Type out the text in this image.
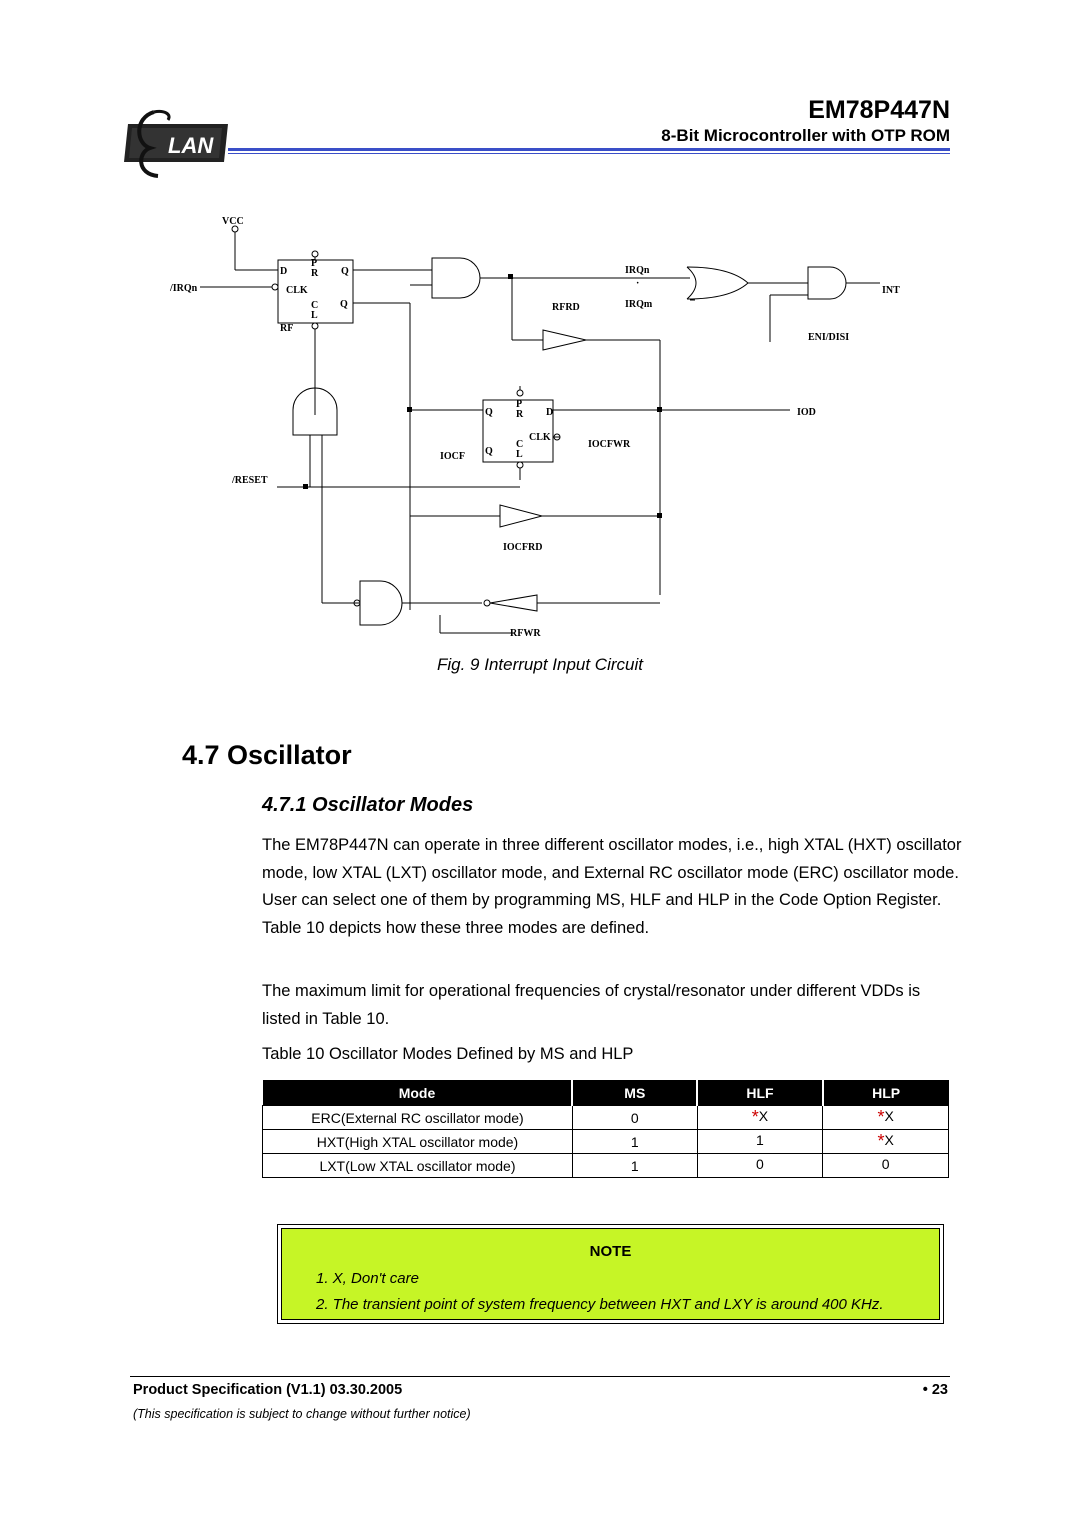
LAN
EM78P447N
8-Bit Microcontroller with OTP ROM
VCC
/IRQn
D
P
R Q
CLK
C
L
Q
RF
IRQn
·
IRQm
RFRD
INT
ENI/DISI
IOD
Q
P
R D
CLK
C
L
Q
IOCF
IOCFWR
/RESET
IOCFRD
RFWR
Fig. 9 Interrupt Input Circuit
4.7 Oscillator
4.7.1 Oscillator Modes
The EM78P447N can operate in three different oscillator modes, i.e., high XTAL (HXT) oscillator mode, low XTAL (LXT) oscillator mode, and External RC oscillator mode (ERC) oscillator mode. User can select one of them by programming MS, HLF and HLP in the Code Option Register. Table 10 depicts how these three modes are defined.
The maximum limit for operational frequencies of crystal/resonator under different VDDs is listed in Table 10.
Table 10 Oscillator Modes Defined by MS and HLP
Mode	MS	HLF	HLP
ERC(External RC oscillator mode)	0	*X	*X
HXT(High XTAL oscillator mode)	1	1	*X
LXT(Low XTAL oscillator mode)	1	0	0
NOTE
1. X, Don't care
2. The transient point of system frequency between HXT and LXY is around 400 KHz.
Product Specification (V1.1) 03.30.2005	• 23
(This specification is subject to change without further notice)
